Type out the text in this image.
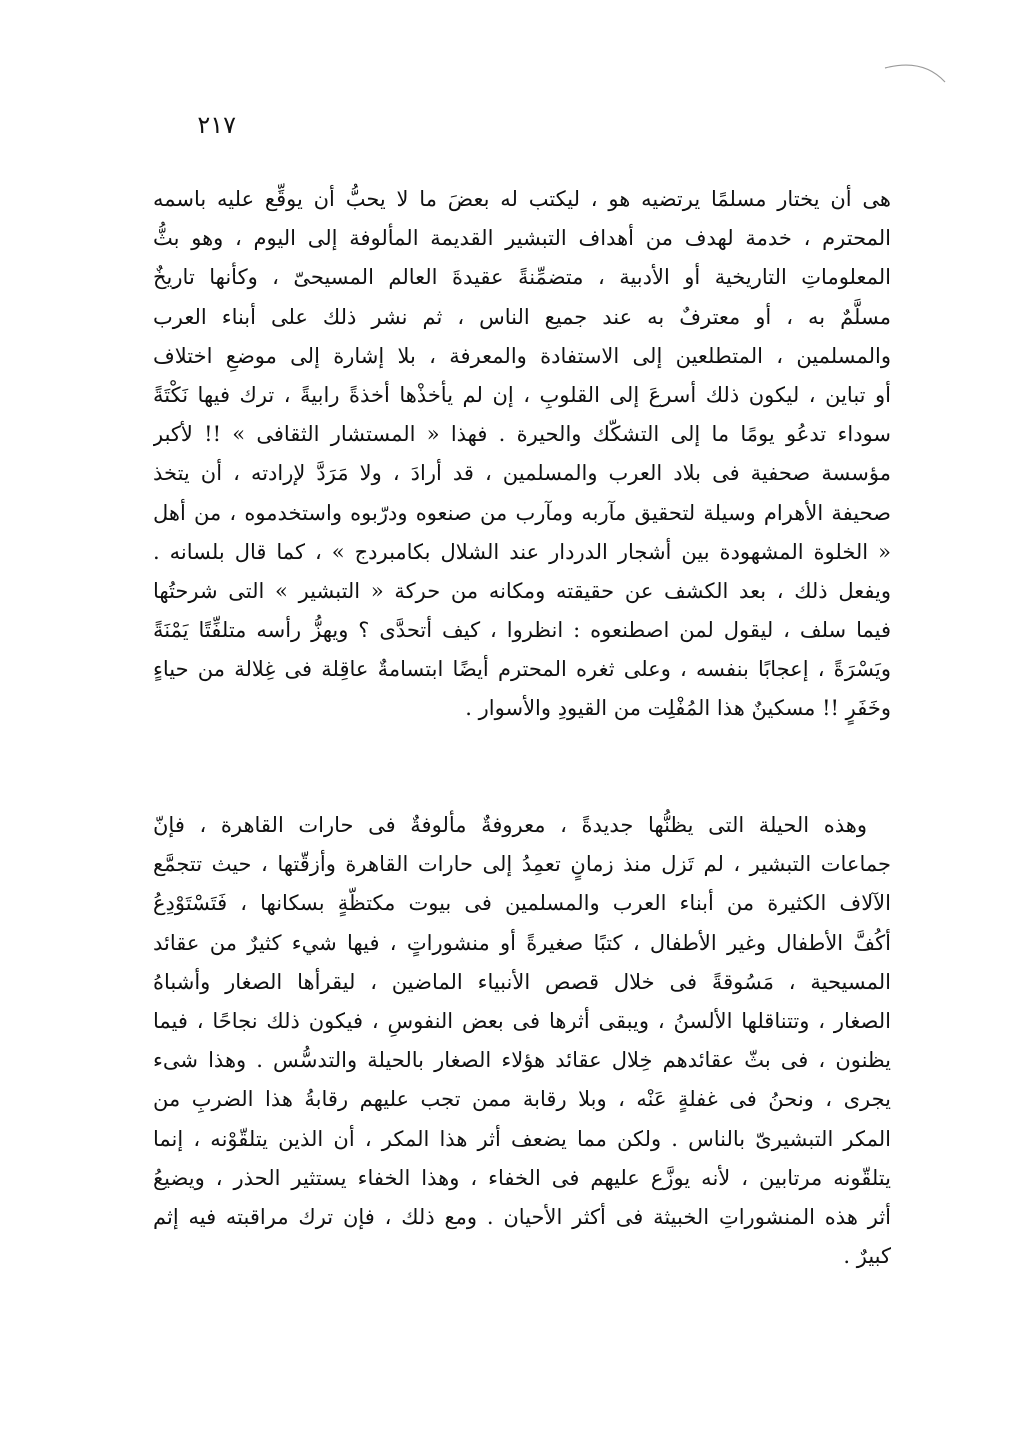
٢١٧
هى أن يختار مسلمًا يرتضيه هو ، ليكتب له بعضَ ما لا يحبُّ أن يوقِّع عليه باسمه
المحترم ، خدمة لهدف من أهداف التبشير القديمة المألوفة إلى اليوم ، وهو بثُّ
المعلوماتِ التاريخية أو الأدبية ، متضمِّنةً عقيدةَ العالم المسيحىّ ، وكأنها تاريخٌ
مسلَّمٌ به ، أو معترفٌ به عند جميع الناس ، ثم نشر ذلك على أبناء العرب
والمسلمين ، المتطلعين إلى الاستفادة والمعرفة ، بلا إشارة إلى موضعِ اختلاف
أو تباين ، ليكون ذلك أسرعَ إلى القلوبِ ، إن لم يأخذْها أخذةً رابيةً ، ترك فيها نَكْتَةً
سوداء تدعُو يومًا ما إلى التشكّك والحيرة . فهذا « المستشار الثقافى » !! لأكبر
مؤسسة صحفية فى بلاد العرب والمسلمين ، قد أرادَ ، ولا مَرَدَّ لإرادته ، أن يتخذ
صحيفة الأهرام وسيلة لتحقيق مآربه ومآرب من صنعوه ودرّبوه واستخدموه ، من أهل
« الخلوة المشهودة بين أشجار الدردار عند الشلال بكامبردج » ، كما قال بلسانه .
ويفعل ذلك ، بعد الكشف عن حقيقته ومكانه من حركة « التبشير » التى شرحتُها
فيما سلف ، ليقول لمن اصطنعوه : انظروا ، كيف أتحدَّى ؟ ويهزُّ رأسه متلفِّتًا يَمْنَةً
ويَسْرَةً ، إعجابًا بنفسه ، وعلى ثغره المحترم أيضًا ابتسامةٌ عاقِلة فى غِلالة من حياءٍ
وخَفَرٍ !! مسكينٌ هذا المُفْلِت من القيودِ والأسوار .
وهذه الحيلة التى يظنُّها جديدةً ، معروفةٌ مألوفةٌ فى حارات القاهرة ، فإنّ
جماعات التبشير ، لم تَزل منذ زمانٍ تعمِدُ إلى حارات القاهرة وأزقّتها ، حيث تتجمَّع
الآلاف الكثيرة من أبناء العرب والمسلمين فى بيوت مكتظّةٍ بسكانها ، فَتَسْتَوْدِعُ
أكُفَّ الأطفال وغير الأطفال ، كتبًا صغيرةً أو منشوراتٍ ، فيها شيء كثيرٌ من عقائد
المسيحية ، مَسُوقةً فى خلال قصص الأنبياء الماضين ، ليقرأها الصغار وأشباهُ
الصغار ، وتتناقلها الألسنُ ، ويبقى أثرها فى بعض النفوسِ ، فيكون ذلك نجاحًا ، فيما
يظنون ، فى بثّ عقائدهم خِلال عقائد هؤلاء الصغار بالحيلة والتدسُّس . وهذا شىء
يجرى ، ونحنُ فى غفلةٍ عَنْه ، وبلا رقابة ممن تجب عليهم رقابةُ هذا الضربِ من
المكر التبشيرىّ بالناس . ولكن مما يضعف أثر هذا المكر ، أن الذين يتلقّوْنه ، إنما
يتلقّونه مرتابين ، لأنه يوزَّع عليهم فى الخفاء ، وهذا الخفاء يستثير الحذر ، ويضيعُ
أثر هذه المنشوراتِ الخبيثة فى أكثر الأحيان . ومع ذلك ، فإن ترك مراقبته فيه إثم
كبيرٌ .
